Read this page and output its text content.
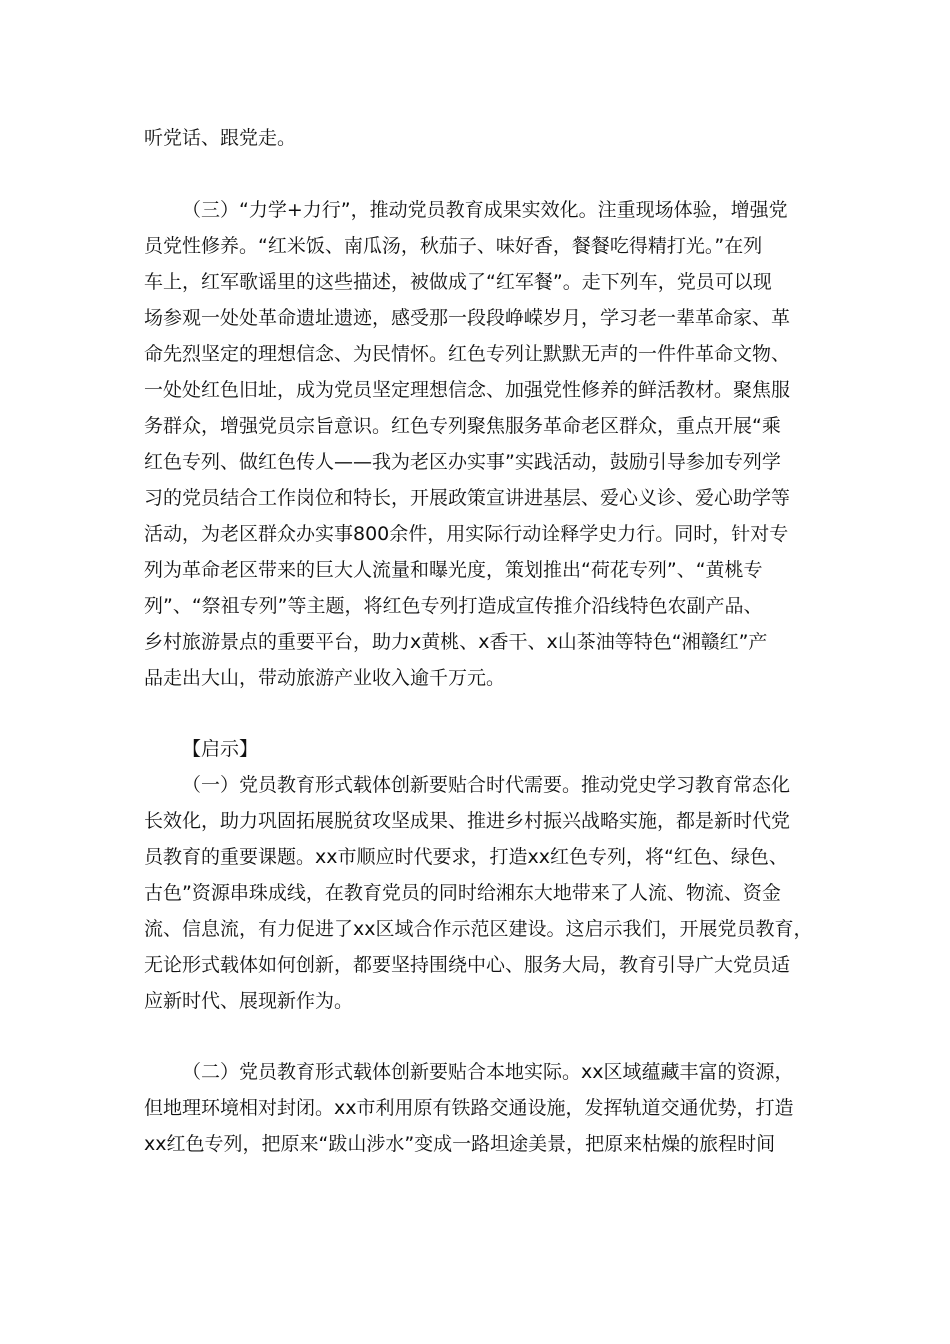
听党话、跟党走。

（三）“力学+力行”，推动党员教育成果实效化。注重现场体验，增强党

员党性修养。“红米饭、南瓜汤，秋茄子、味好香，餐餐吃得精打光。”在列

车上，红军歌谣里的这些描述，被做成了“红军餐”。走下列车，党员可以现

场参观一处处革命遗址遗迹，感受那一段段峥嵘岁月，学习老一辈革命家、革

命先烈坚定的理想信念、为民情怀。红色专列让默默无声的一件件革命文物、

一处处红色旧址，成为党员坚定理想信念、加强党性修养的鲜活教材。聚焦服

务群众，增强党员宗旨意识。红色专列聚焦服务革命老区群众，重点开展“乘

红色专列、做红色传人——我为老区办实事”实践活动，鼓励引导参加专列学

习的党员结合工作岗位和特长，开展政策宣讲进基层、爱心义诊、爱心助学等

活动，为老区群众办实事800余件，用实际行动诠释学史力行。同时，针对专

列为革命老区带来的巨大人流量和曝光度，策划推出“荷花专列”、“黄桃专

列”、“祭祖专列”等主题，将红色专列打造成宣传推介沿线特色农副产品、

乡村旅游景点的重要平台，助力x黄桃、x香干、x山茶油等特色“湘赣红”产

品走出大山，带动旅游产业收入逾千万元。

【启示】

（一）党员教育形式载体创新要贴合时代需要。推动党史学习教育常态化

长效化，助力巩固拓展脱贫攻坚成果、推进乡村振兴战略实施，都是新时代党

员教育的重要课题。xx市顺应时代要求，打造xx红色专列，将“红色、绿色、

古色”资源串珠成线，在教育党员的同时给湘东大地带来了人流、物流、资金

流、信息流，有力促进了xx区域合作示范区建设。这启示我们，开展党员教育，

无论形式载体如何创新，都要坚持围绕中心、服务大局，教育引导广大党员适

应新时代、展现新作为。

（二）党员教育形式载体创新要贴合本地实际。xx区域蕴藏丰富的资源，

但地理环境相对封闭。xx市利用原有铁路交通设施，发挥轨道交通优势，打造

xx红色专列，把原来“跋山涉水”变成一路坦途美景，把原来枯燥的旅程时间
